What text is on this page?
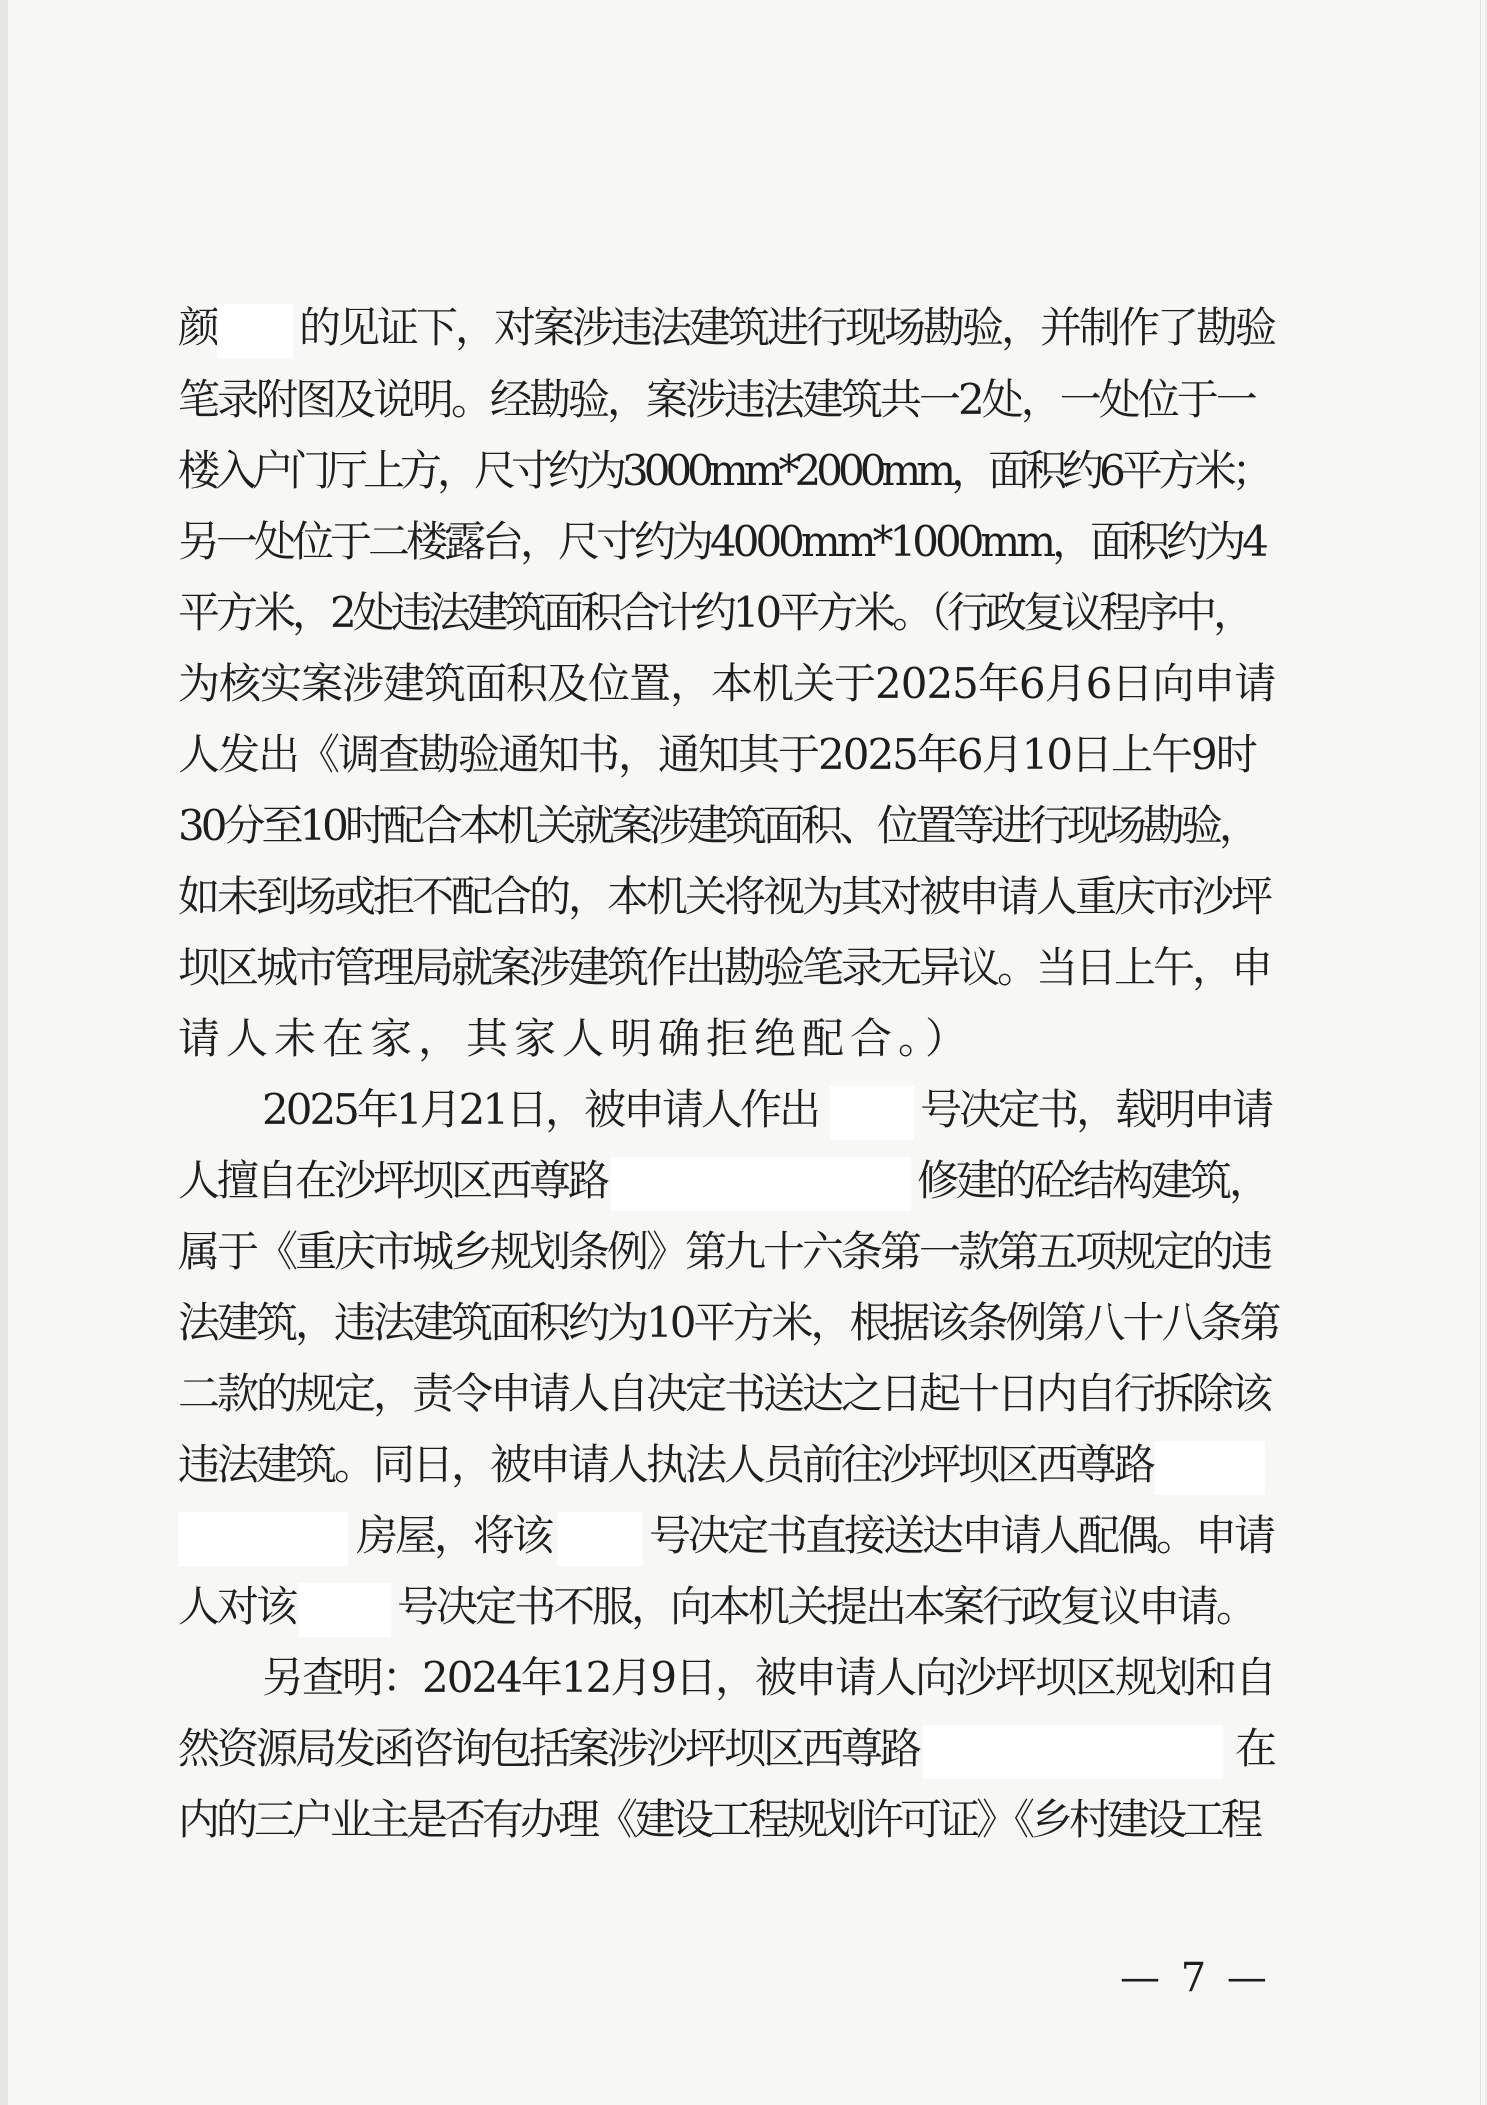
颜 的见证下，对案涉违法建筑进行现场勘验，并制作了勘验
笔录附图及说明。经勘验，案涉违法建筑共一2处，一处位于一
楼入户门厅上方，尺寸约为3000mm*2000mm，面积约6平方米；
另一处位于二楼露台，尺寸约为4000mm*1000mm，面积约为4
平方米，2处违法建筑面积合计约10平方米。（行政复议程序中，
为核实案涉建筑面积及位置，本机关于2025年6月6日向申请
人发出《调查勘验通知书，通知其于2025年6月10日上午9时
30分至10时配合本机关就案涉建筑面积、位置等进行现场勘验，
如未到场或拒不配合的，本机关将视为其对被申请人重庆市沙坪
坝区城市管理局就案涉建筑作出勘验笔录无异议。当日上午，申
请人未在家，其家人明确拒绝配合。）
2025年1月21日，被申请人作出 号决定书，载明申请
人擅自在沙坪坝区西尊路	修建的砼结构建筑，
属于《重庆市城乡规划条例》第九十六条第一款第五项规定的违
法建筑，违法建筑面积约为10平方米，根据该条例第八十八条第
二款的规定，责令申请人自决定书送达之日起十日内自行拆除该
违法建筑。同日，被申请人执法人员前往沙坪坝区西尊路
房屋，将该 号决定书直接送达申请人配偶。申请
人对该 号决定书不服，向本机关提出本案行政复议申请。
另查明：2024年12月9日，被申请人向沙坪坝区规划和自
然资源局发函咨询包括案涉沙坪坝区西尊路	在
内的三户业主是否有办理《建设工程规划许可证》《乡村建设工程
— 7 —
